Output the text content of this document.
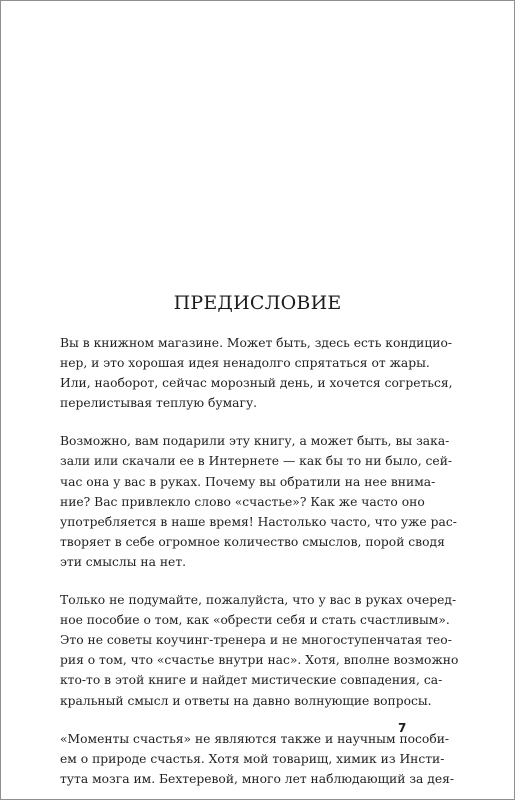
ПРЕДИСЛОВИЕ
Вы в книжном магазине. Может быть, здесь есть кондицио-
нер, и это хорошая идея ненадолго спрятаться от жары.
Или, наоборот, сейчас морозный день, и хочется согреться,
перелистывая теплую бумагу.
Возможно, вам подарили эту книгу, а может быть, вы зака-
зали или скачали ее в Интернете — как бы то ни было, сей-
час она у вас в руках. Почему вы обратили на нее внима-
ние? Вас привлекло слово «счастье»? Как же часто оно
употребляется в наше время! Настолько часто, что уже рас-
творяет в себе огромное количество смыслов, порой сводя
эти смыслы на нет.
Только не подумайте, пожалуйста, что у вас в руках очеред-
ное пособие о том, как «обрести себя и стать счастливым».
Это не советы коучинг-тренера и не многоступенчатая тео-
рия о том, что «счастье внутри нас». Хотя, вполне возможно
кто-то в этой книге и найдет мистические совпадения, са-
кральный смысл и ответы на давно волнующие вопросы.
«Моменты счастья» не являются также и научным пособи-
ем о природе счастья. Хотя мой товарищ, химик из Инсти-
тута мозга им. Бехтеревой, много лет наблюдающий за дея-
7
